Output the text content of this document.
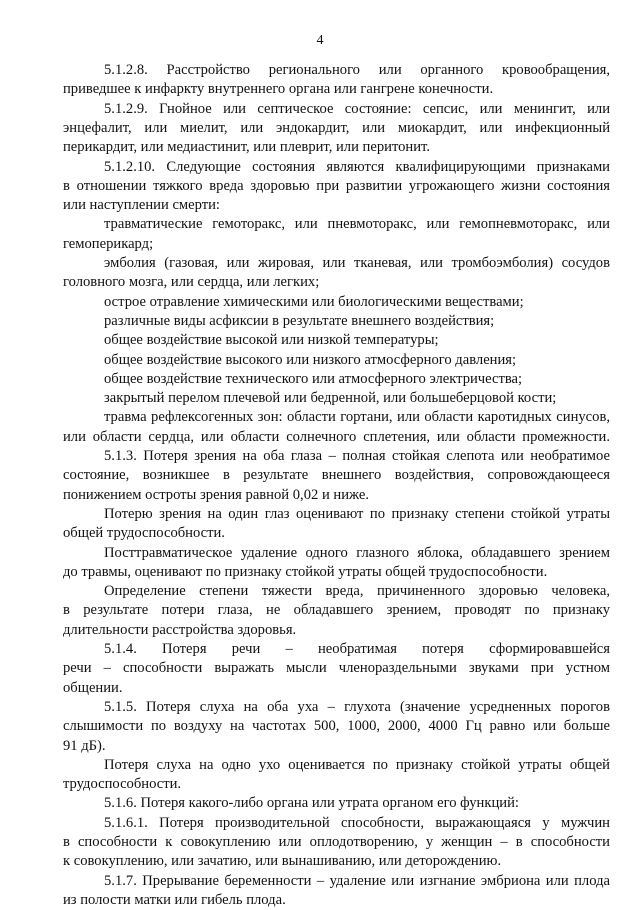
4
5.1.2.8. Расстройство регионального или органного кровообращения,
приведшее к инфаркту внутреннего органа или гангрене конечности.
5.1.2.9. Гнойное или септическое состояние: сепсис, или менингит, или
энцефалит, или миелит, или эндокардит, или миокардит, или инфекционный
перикардит, или медиастинит, или плеврит, или перитонит.
5.1.2.10. Следующие состояния являются квалифицирующими признаками
в отношении тяжкого вреда здоровью при развитии угрожающего жизни состояния
или наступлении смерти:
травматические гемоторакс, или пневмоторакс, или гемопневмоторакс, или
гемоперикард;
эмболия (газовая, или жировая, или тканевая, или тромбоэмболия) сосудов
головного мозга, или сердца, или легких;
острое отравление химическими или биологическими веществами;
различные виды асфиксии в результате внешнего воздействия;
общее воздействие высокой или низкой температуры;
общее воздействие высокого или низкого атмосферного давления;
общее воздействие технического или атмосферного электричества;
закрытый перелом плечевой или бедренной, или большеберцовой кости;
травма рефлексогенных зон: области гортани, или области каротидных синусов,
или области сердца, или области солнечного сплетения, или области промежности.
5.1.3. Потеря зрения на оба глаза – полная стойкая слепота или необратимое
состояние, возникшее в результате внешнего воздействия, сопровождающееся
понижением остроты зрения равной 0,02 и ниже.
Потерю зрения на один глаз оценивают по признаку степени стойкой утраты
общей трудоспособности.
Посттравматическое удаление одного глазного яблока, обладавшего зрением
до травмы, оценивают по признаку стойкой утраты общей трудоспособности.
Определение степени тяжести вреда, причиненного здоровью человека,
в результате потери глаза, не обладавшего зрением, проводят по признаку
длительности расстройства здоровья.
5.1.4. Потеря речи – необратимая потеря сформировавшейся
речи – способности выражать мысли членораздельными звуками при устном
общении.
5.1.5. Потеря слуха на оба уха – глухота (значение усредненных порогов
слышимости по воздуху на частотах 500, 1000, 2000, 4000 Гц равно или больше
91 дБ).
Потеря слуха на одно ухо оценивается по признаку стойкой утраты общей
трудоспособности.
5.1.6. Потеря какого-либо органа или утрата органом его функций:
5.1.6.1. Потеря производительной способности, выражающаяся у мужчин
в способности к совокуплению или оплодотворению, у женщин – в способности
к совокуплению, или зачатию, или вынашиванию, или деторождению.
5.1.7. Прерывание беременности – удаление или изгнание эмбриона или плода
из полости матки или гибель плода.
